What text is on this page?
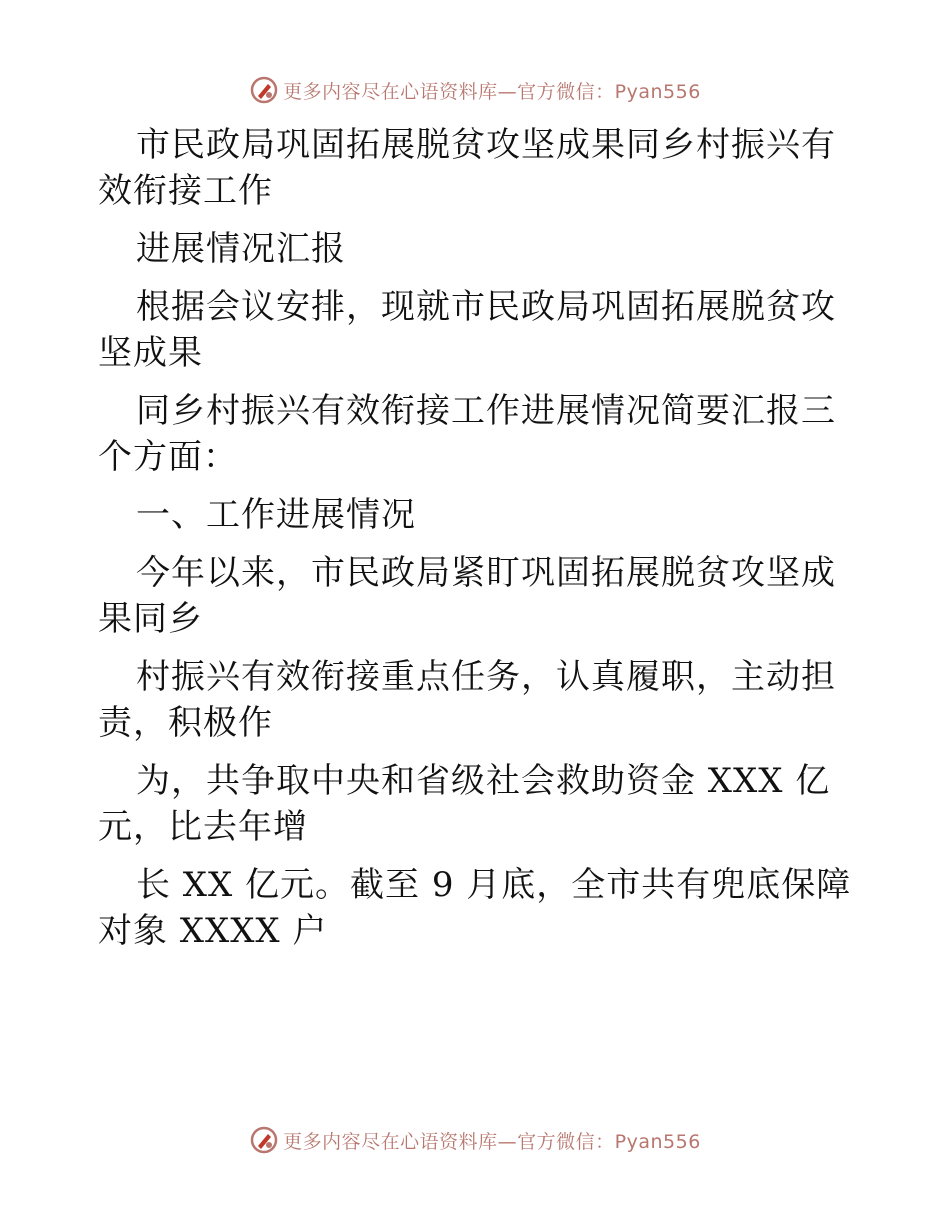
更多内容尽在心语资料库—官方微信：Pyan556

市民政局巩固拓展脱贫攻坚成果同乡村振兴有效衔接工作

进展情况汇报

根据会议安排，现就市民政局巩固拓展脱贫攻坚成果

同乡村振兴有效衔接工作进展情况简要汇报三个方面：

一、工作进展情况

今年以来，市民政局紧盯巩固拓展脱贫攻坚成果同乡

村振兴有效衔接重点任务，认真履职，主动担责，积极作

为，共争取中央和省级社会救助资金 XXX 亿元，比去年增

长 XX 亿元。截至 9 月底，全市共有兜底保障对象 XXXX 户

更多内容尽在心语资料库—官方微信：Pyan556
